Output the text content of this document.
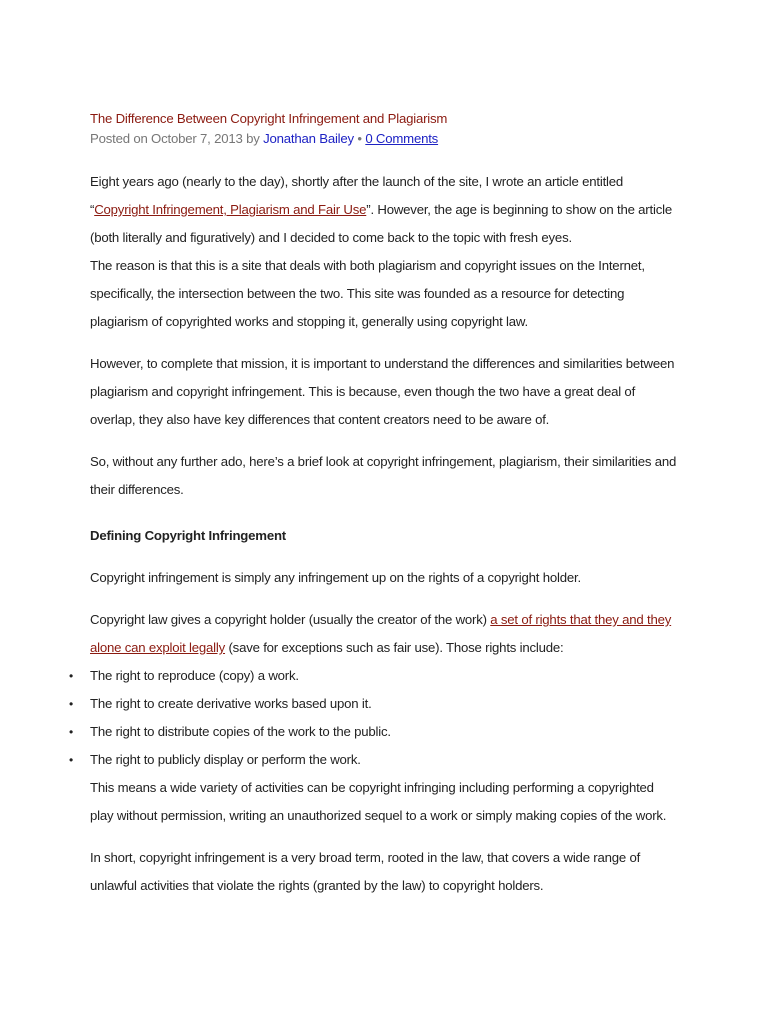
The Difference Between Copyright Infringement and Plagiarism
Posted on October 7, 2013 by Jonathan Bailey • 0 Comments

Eight years ago (nearly to the day), shortly after the launch of the site, I wrote an article entitled “Copyright Infringement, Plagiarism and Fair Use”. However, the age is beginning to show on the article (both literally and figuratively) and I decided to come back to the topic with fresh eyes.

The reason is that this is a site that deals with both plagiarism and copyright issues on the Internet, specifically, the intersection between the two. This site was founded as a resource for detecting plagiarism of copyrighted works and stopping it, generally using copyright law.

However, to complete that mission, it is important to understand the differences and similarities between plagiarism and copyright infringement. This is because, even though the two have a great deal of overlap, they also have key differences that content creators need to be aware of.

So, without any further ado, here’s a brief look at copyright infringement, plagiarism, their similarities and their differences.

Defining Copyright Infringement

Copyright infringement is simply any infringement up on the rights of a copyright holder.

Copyright law gives a copyright holder (usually the creator of the work) a set of rights that they and they alone can exploit legally (save for exceptions such as fair use). Those rights include:

• The right to reproduce (copy) a work.
• The right to create derivative works based upon it.
• The right to distribute copies of the work to the public.
• The right to publicly display or perform the work.

This means a wide variety of activities can be copyright infringing including performing a copyrighted play without permission, writing an unauthorized sequel to a work or simply making copies of the work.

In short, copyright infringement is a very broad term, rooted in the law, that covers a wide range of unlawful activities that violate the rights (granted by the law) to copyright holders.
